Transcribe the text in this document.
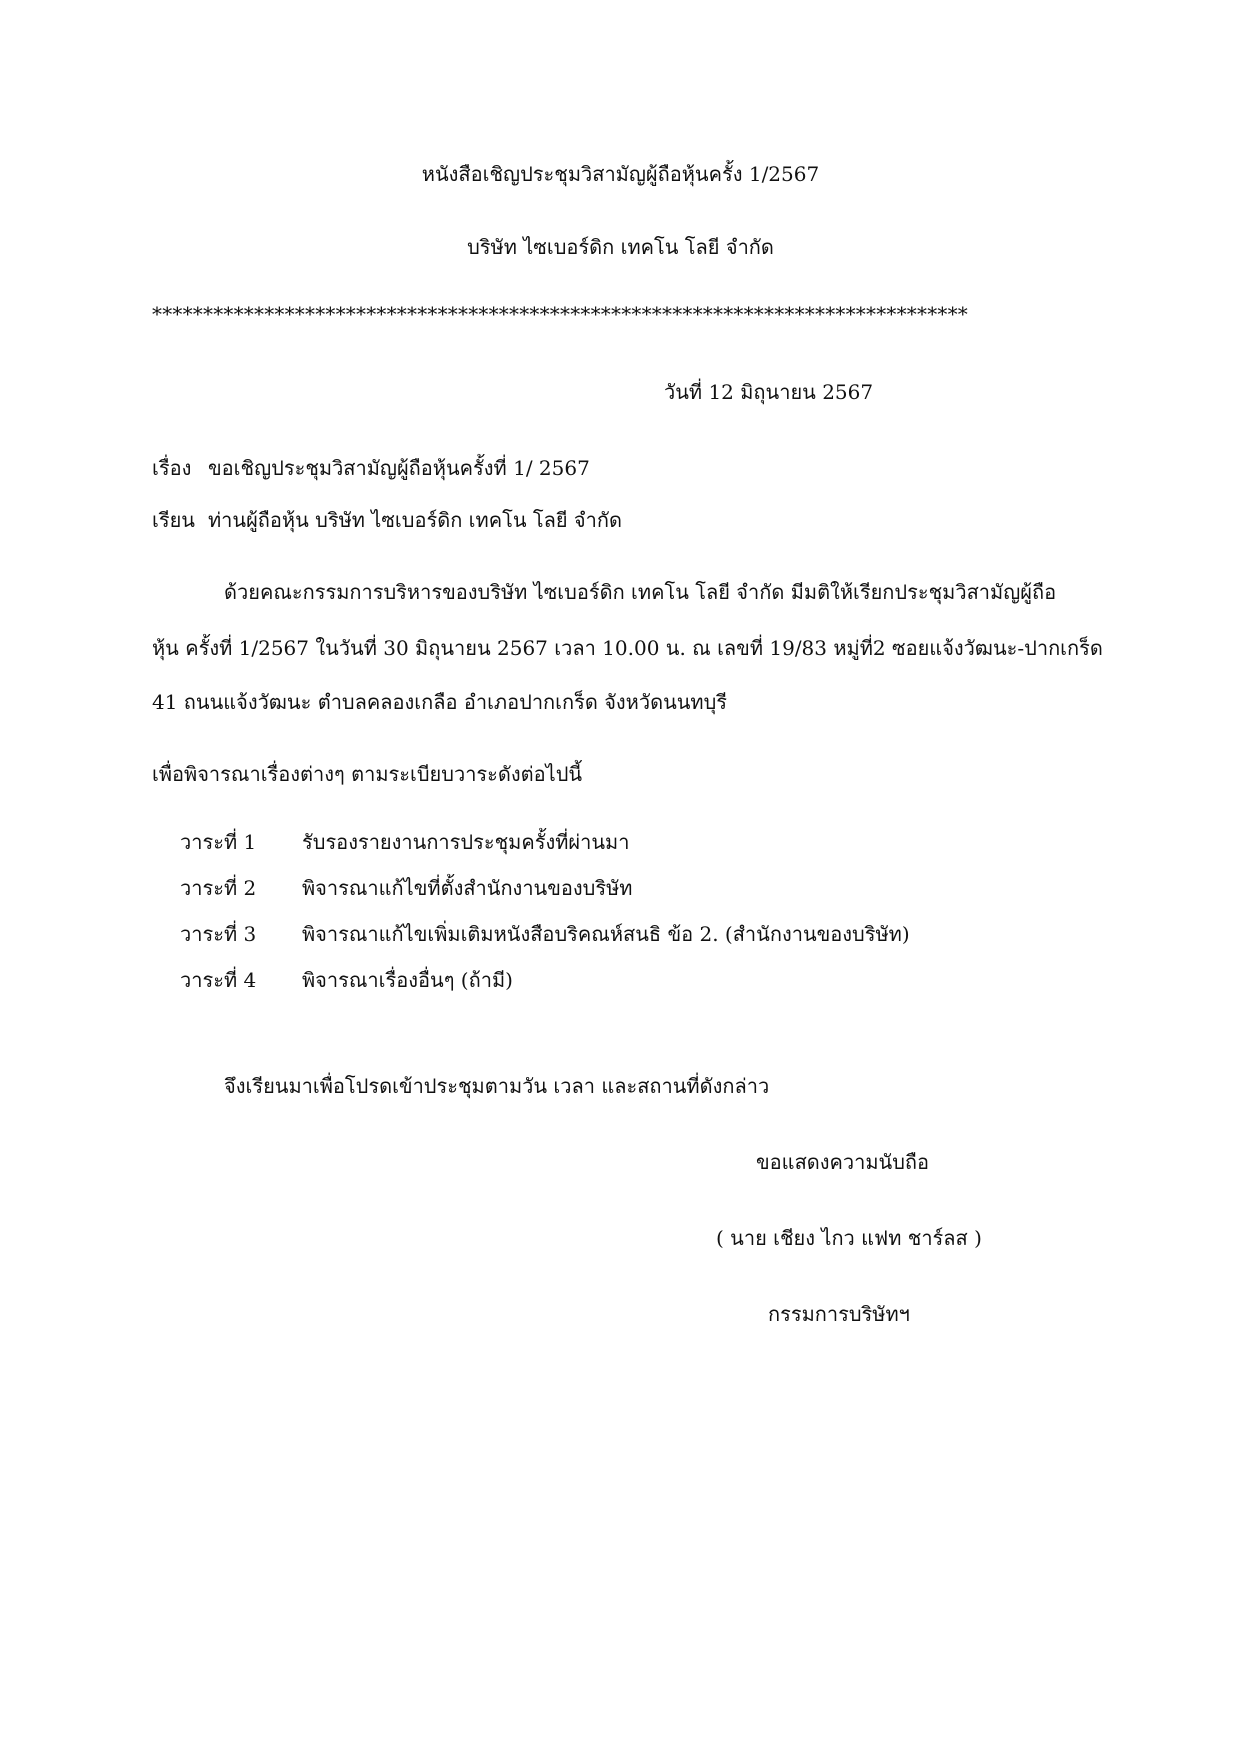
หนังสือเชิญประชุมวิสามัญผู้ถือหุ้นครั้ง 1/2567
บริษัท ไซเบอร์ดิก เทคโน โลยี จำกัด
********************************************************************************
วันที่ 12 มิถุนายน 2567
เรื่อง ขอเชิญประชุมวิสามัญผู้ถือหุ้นครั้งที่ 1/ 2567
เรียน ท่านผู้ถือหุ้น บริษัท ไซเบอร์ดิก เทคโน โลยี จำกัด
ด้วยคณะกรรมการบริหารของบริษัท ไซเบอร์ดิก เทคโน โลยี จำกัด มีมติให้เรียกประชุมวิสามัญผู้ถือ
หุ้น ครั้งที่ 1/2567 ในวันที่ 30 มิถุนายน 2567 เวลา 10.00 น. ณ เลขที่ 19/83 หมู่ที่2 ซอยแจ้งวัฒนะ-ปากเกร็ด
41 ถนนแจ้งวัฒนะ ตำบลคลองเกลือ อำเภอปากเกร็ด จังหวัดนนทบุรี
เพื่อพิจารณาเรื่องต่างๆ ตามระเบียบวาระดังต่อไปนี้
วาระที่ 1 รับรองรายงานการประชุมครั้งที่ผ่านมา
วาระที่ 2 พิจารณาแก้ไขที่ตั้งสำนักงานของบริษัท
วาระที่ 3 พิจารณาแก้ไขเพิ่มเติมหนังสือบริคณห์สนธิ ข้อ 2. (สำนักงานของบริษัท)
วาระที่ 4 พิจารณาเรื่องอื่นๆ (ถ้ามี)
จึงเรียนมาเพื่อโปรดเข้าประชุมตามวัน เวลา และสถานที่ดังกล่าว
ขอแสดงความนับถือ
( นาย เชียง ไกว แฟท ชาร์ลส )
กรรมการบริษัทฯ
